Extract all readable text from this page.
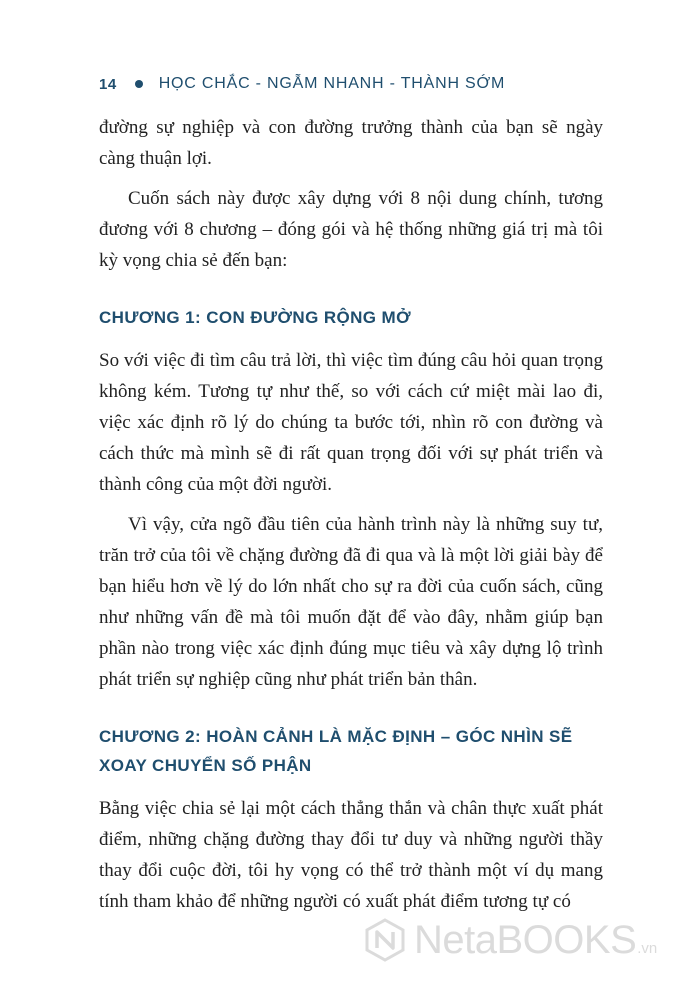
14	HỌC CHẮC - NGẪM NHANH - THÀNH SỚM

đường sự nghiệp và con đường trưởng thành của bạn sẽ ngày càng thuận lợi.

Cuốn sách này được xây dựng với 8 nội dung chính, tương đương với 8 chương – đóng gói và hệ thống những giá trị mà tôi kỳ vọng chia sẻ đến bạn:

CHƯƠNG 1: CON ĐƯỜNG RỘNG MỞ

So với việc đi tìm câu trả lời, thì việc tìm đúng câu hỏi quan trọng không kém. Tương tự như thế, so với cách cứ miệt mài lao đi, việc xác định rõ lý do chúng ta bước tới, nhìn rõ con đường và cách thức mà mình sẽ đi rất quan trọng đối với sự phát triển và thành công của một đời người.

Vì vậy, cửa ngõ đầu tiên của hành trình này là những suy tư, trăn trở của tôi về chặng đường đã đi qua và là một lời giải bày để bạn hiểu hơn về lý do lớn nhất cho sự ra đời của cuốn sách, cũng như những vấn đề mà tôi muốn đặt để vào đây, nhằm giúp bạn phần nào trong việc xác định đúng mục tiêu và xây dựng lộ trình phát triển sự nghiệp cũng như phát triển bản thân.

CHƯƠNG 2: HOÀN CẢNH LÀ MẶC ĐỊNH – GÓC NHÌN SẼ XOAY CHUYỂN SỐ PHẬN

Bằng việc chia sẻ lại một cách thẳng thắn và chân thực xuất phát điểm, những chặng đường thay đổi tư duy và những người thầy thay đổi cuộc đời, tôi hy vọng có thể trở thành một ví dụ mang tính tham khảo để những người có xuất phát điểm tương tự có

NetaBOOKS .vn
